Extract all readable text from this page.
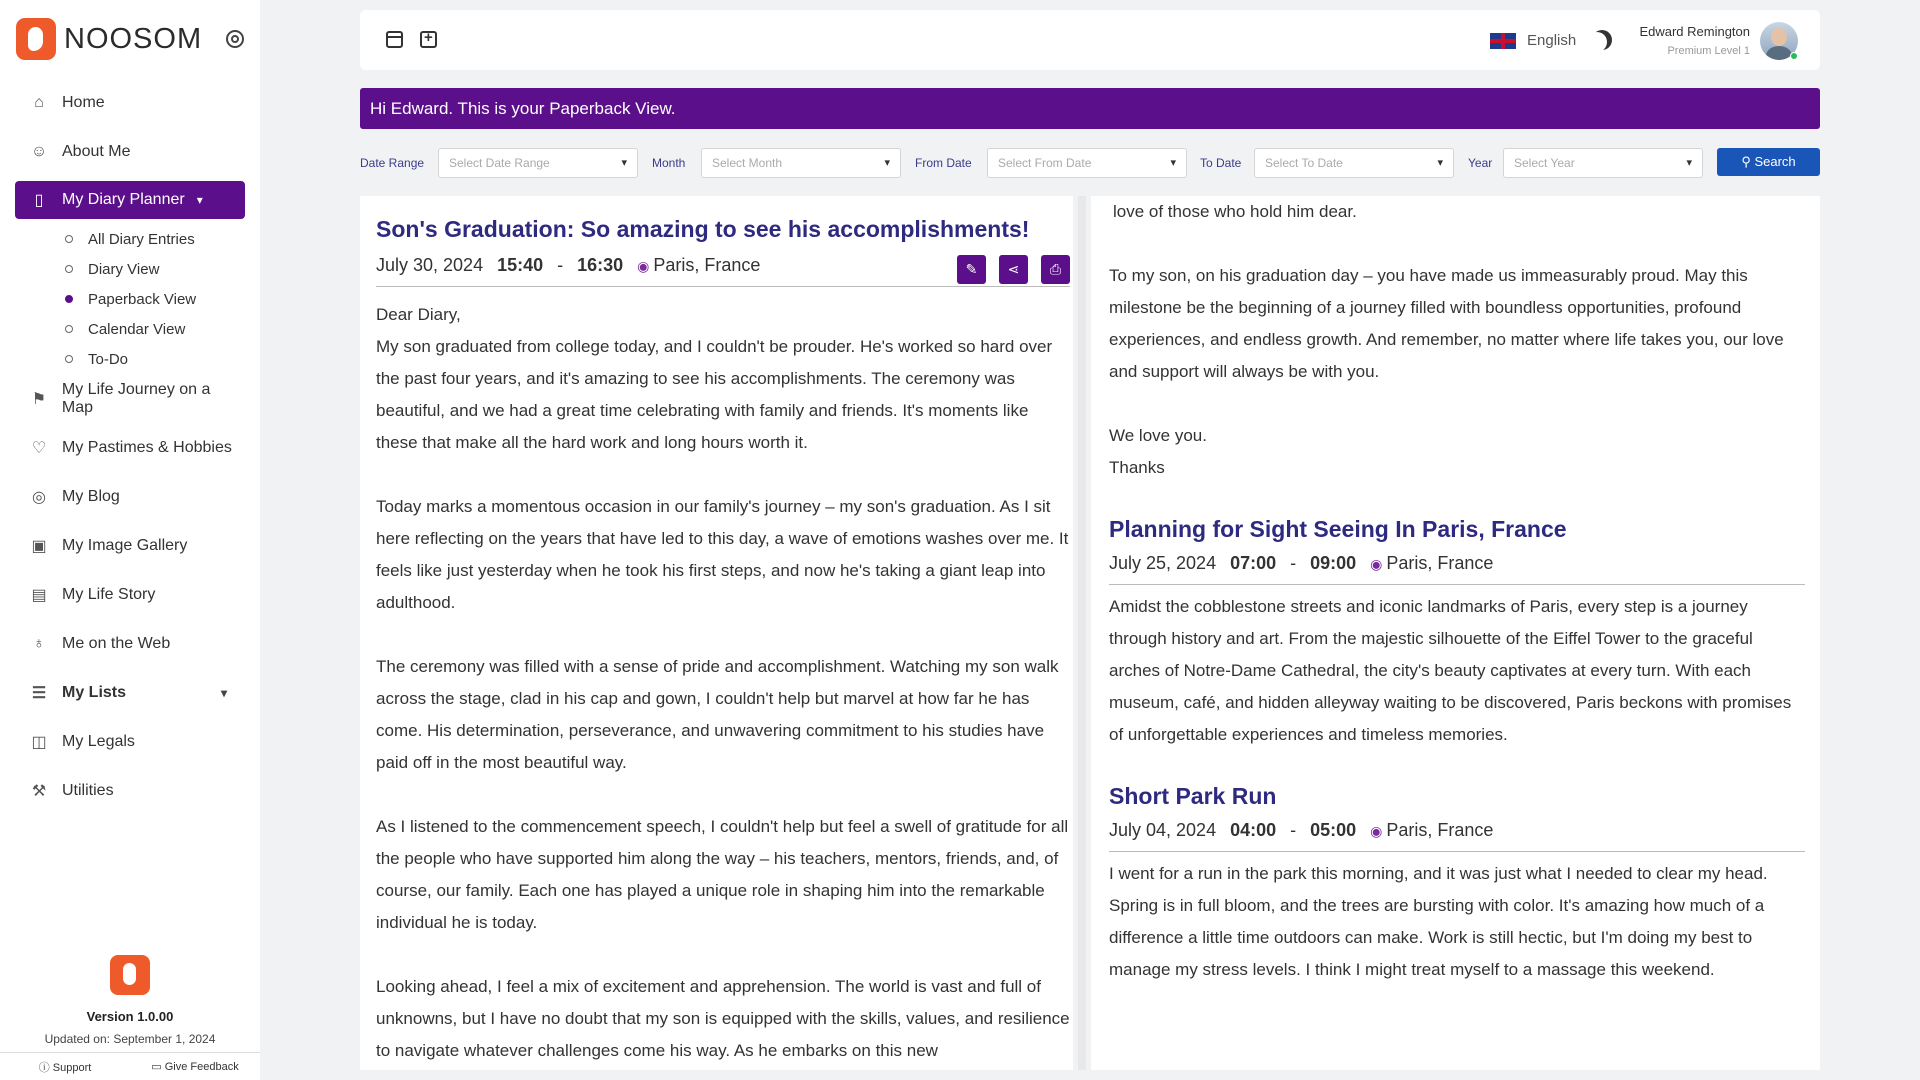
NOOSOM
⌂	Home
☺ About Me
▯	My Diary Planner ▾
All Diary Entries
Diary View
Paperback View
Calendar View
To-Do
⚑
My Life Journey on a Map
♡ My Pastimes & Hobbies
◎ My Blog
▣ My Image Gallery
▤ My Life Story
♁ Me on the Web
☰ My Lists	▾
◫ My Legals
⚒ Utilities
Version 1.0.00
Updated on: September 1, 2024
ⓘ Support	▭ Give Feedback
+
English
Edward Remington
Premium Level 1
Hi Edward. This is your Paperback View.
Date Range	Select Date Range	▾ Month	Select Month	▾ From Date	Select From Date	▾ To Date	Select To Date	▾ Year	Select Year	▾	⚲ Search
Son's Graduation: So amazing to see his accomplishments!
July 30, 2024 15:40 - 16:30 ◉ Paris, France	✎	⋖	⎙

Dear Diary,

My son graduated from college today, and I couldn't be prouder. He's worked so hard over the past four years, and it's amazing to see his accomplishments. The ceremony was beautiful, and we had a great time celebrating with family and friends. It's moments like these that make all the hard work and long hours worth it.

Today marks a momentous occasion in our family's journey – my son's graduation. As I sit here reflecting on the years that have led to this day, a wave of emotions washes over me. It feels like just yesterday when he took his first steps, and now he's taking a giant leap into adulthood.

The ceremony was filled with a sense of pride and accomplishment. Watching my son walk across the stage, clad in his cap and gown, I couldn't help but marvel at how far he has come. His determination, perseverance, and unwavering commitment to his studies have paid off in the most beautiful way.

As I listened to the commencement speech, I couldn't help but feel a swell of gratitude for all the people who have supported him along the way – his teachers, mentors, friends, and, of course, our family. Each one has played a unique role in shaping him into the remarkable individual he is today.

Looking ahead, I feel a mix of excitement and apprehension. The world is vast and full of unknowns, but I have no doubt that my son is equipped with the skills, values, and resilience to navigate whatever challenges come his way. As he embarks on this new

love of those who hold him dear.

To my son, on his graduation day – you have made us immeasurably proud. May this milestone be the beginning of a journey filled with boundless opportunities, profound experiences, and endless growth. And remember, no matter where life takes you, our love and support will always be with you.

We love you.

Thanks

Planning for Sight Seeing In Paris, France
July 25, 2024 07:00 - 09:00 ◉ Paris, France

Amidst the cobblestone streets and iconic landmarks of Paris, every step is a journey through history and art. From the majestic silhouette of the Eiffel Tower to the graceful arches of Notre-Dame Cathedral, the city's beauty captivates at every turn. With each museum, café, and hidden alleyway waiting to be discovered, Paris beckons with promises of unforgettable experiences and timeless memories.

Short Park Run
July 04, 2024 04:00 - 05:00 ◉ Paris, France

I went for a run in the park this morning, and it was just what I needed to clear my head. Spring is in full bloom, and the trees are bursting with color. It's amazing how much of a difference a little time outdoors can make. Work is still hectic, but I'm doing my best to manage my stress levels. I think I might treat myself to a massage this weekend.
